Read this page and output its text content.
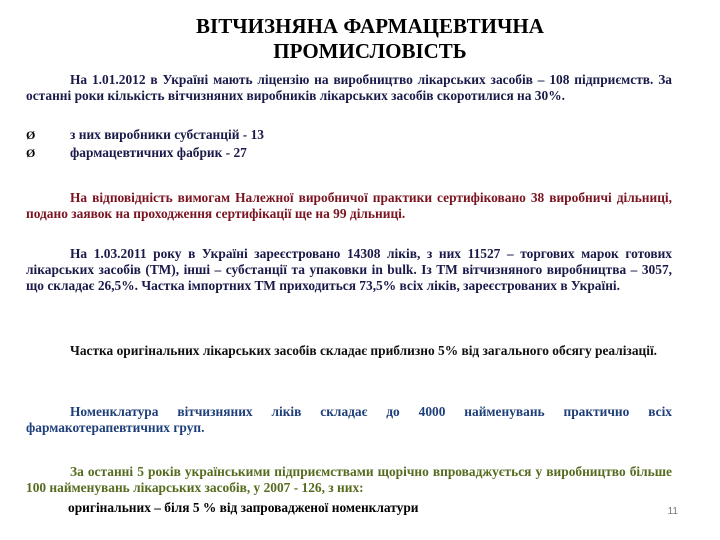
ВІТЧИЗНЯНА ФАРМАЦЕВТИЧНА
ПРОМИСЛОВІСТЬ

На 1.01.2012 в Україні мають ліцензію на виробництво лікарських засобів – 108 підприємств. За останні роки кількість вітчизняних виробників лікарських засобів скоротилися на 30%.

Ø	з них виробники субстанцій - 13
Ø	фармацевтичних фабрик - 27

На відповідність вимогам Належної виробничої практики сертифіковано 38 виробничі дільниці, подано заявок на проходження сертифікації ще на 99 дільниці.

На 1.03.2011 року в Україні зареєстровано 14308 ліків, з них 11527 – торгових марок готових лікарських засобів (ТМ), інші – субстанції та упаковки in bulk. Із ТМ вітчизняного виробництва – 3057, що складає 26,5%. Частка імпортних ТМ приходиться 73,5% всіх ліків, зареєстрованих в Україні.

Частка оригінальних лікарських засобів складає приблизно 5% від загального обсягу реалізації.

Номенклатура вітчизняних ліків складає до 4000 найменувань практично всіх фармакотерапевтичних груп.

За останні 5 років українськими підприємствами щорічно впроваджується у виробництво більше 100 найменувань лікарських засобів, у 2007 - 126, з них:

оригінальних – біля 5 % від запровадженої номенклатури	11
